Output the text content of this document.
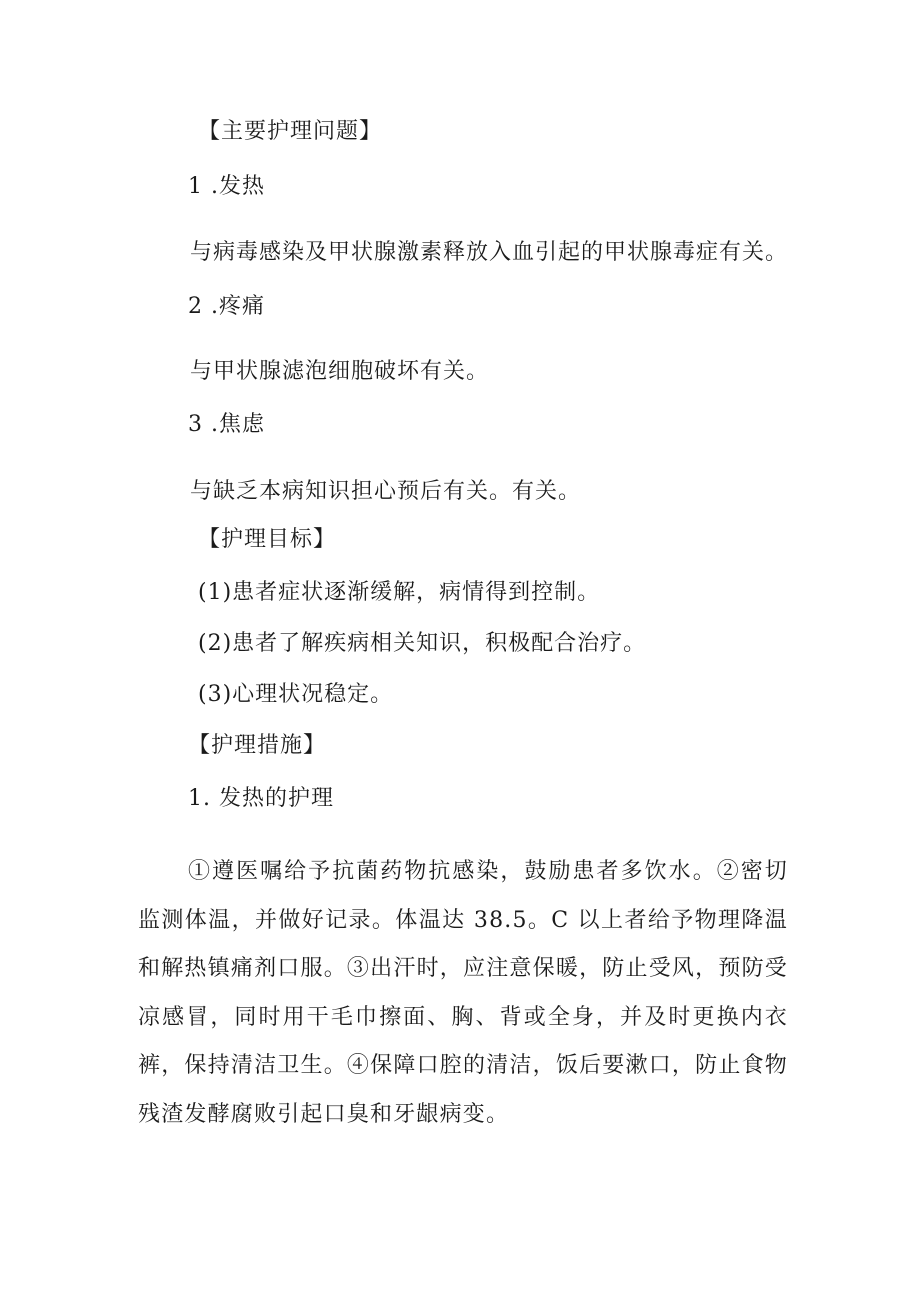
【主要护理问题】
1 .发热
与病毒感染及甲状腺激素释放入血引起的甲状腺毒症有关。
2 .疼痛
与甲状腺滤泡细胞破坏有关。
3 .焦虑
与缺乏本病知识担心预后有关。有关。
【护理目标】
(1)患者症状逐渐缓解，病情得到控制。
(2)患者了解疾病相关知识，积极配合治疗。
(3)心理状况稳定。
【护理措施】
1. 发热的护理
①遵医嘱给予抗菌药物抗感染，鼓励患者多饮水。②密切监测体温，并做好记录。体温达 38.5。C 以上者给予物理降温和解热镇痛剂口服。③出汗时，应注意保暖，防止受风，预防受凉感冒，同时用干毛巾擦面、胸、背或全身，并及时更换内衣裤，保持清洁卫生。④保障口腔的清洁，饭后要漱口，防止食物残渣发酵腐败引起口臭和牙龈病变。
